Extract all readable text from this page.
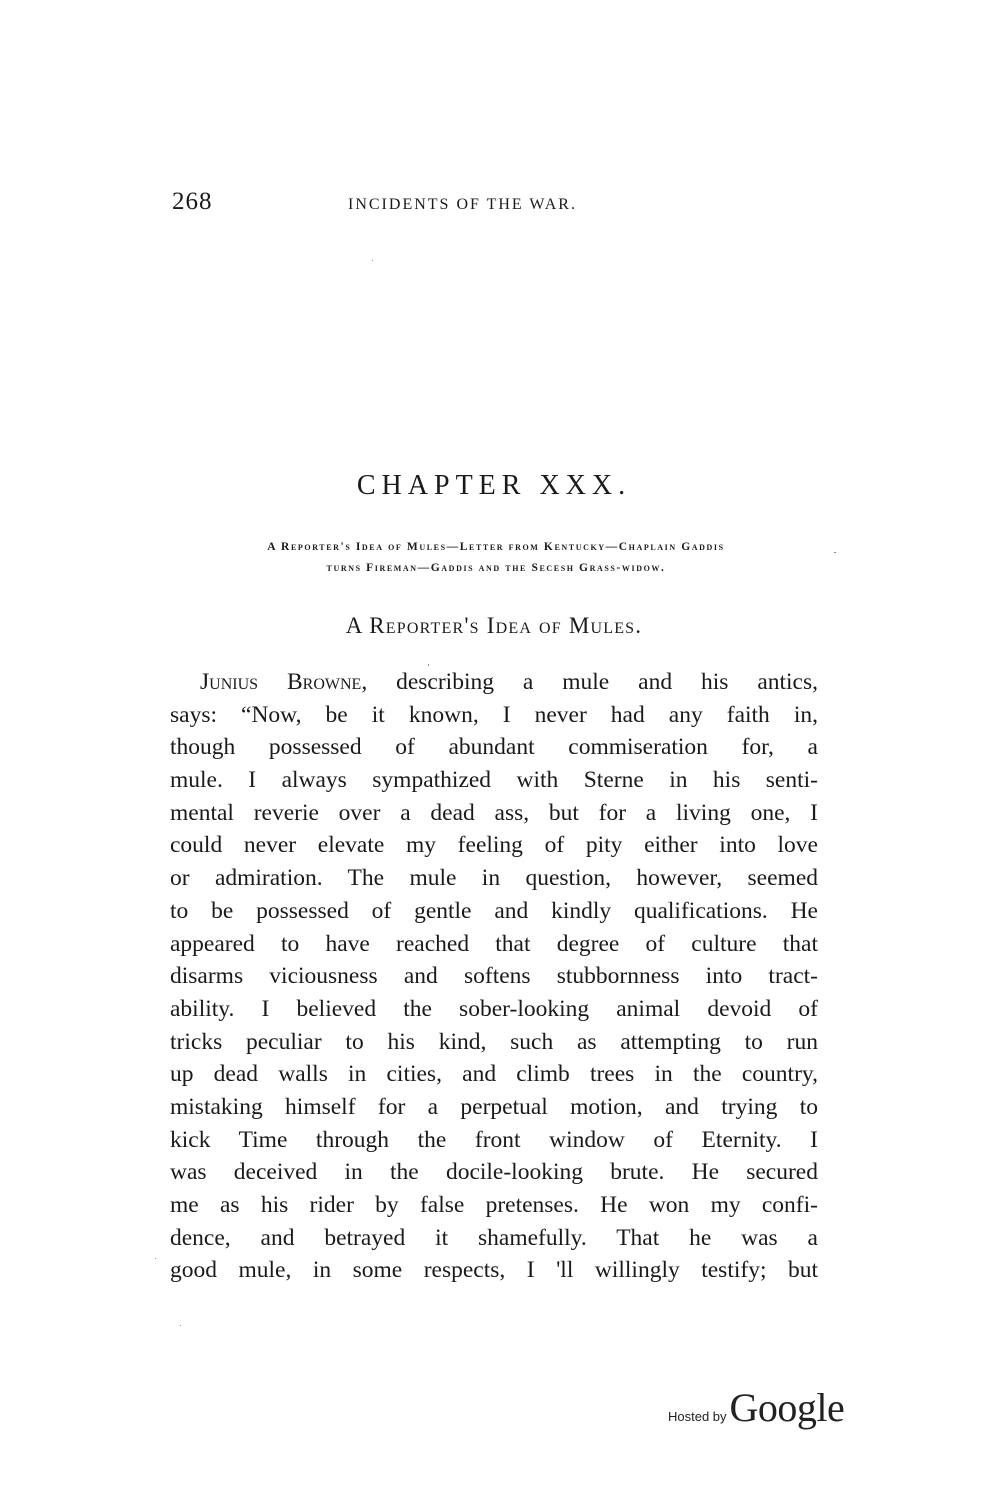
268	INCIDENTS OF THE WAR.
CHAPTER XXX.
A Reporter's Idea of Mules—Letter from Kentucky—Chaplain Gaddis
turns Fireman—Gaddis and the Secesh Grass-widow.
A Reporter's Idea of Mules.
Junius Browne, describing a mule and his antics,
says: “Now, be it known, I never had any faith in,
though possessed of abundant commiseration for, a
mule. I always sympathized with Sterne in his senti-
mental reverie over a dead ass, but for a living one, I
could never elevate my feeling of pity either into love
or admiration. The mule in question, however, seemed
to be possessed of gentle and kindly qualifications. He
appeared to have reached that degree of culture that
disarms viciousness and softens stubbornness into tract-
ability. I believed the sober-looking animal devoid of
tricks peculiar to his kind, such as attempting to run
up dead walls in cities, and climb trees in the country,
mistaking himself for a perpetual motion, and trying to
kick Time through the front window of Eternity. I
was deceived in the docile-looking brute. He secured
me as his rider by false pretenses. He won my confi-
dence, and betrayed it shamefully. That he was a
good mule, in some respects, I 'll willingly testify; but
Hosted by Google
